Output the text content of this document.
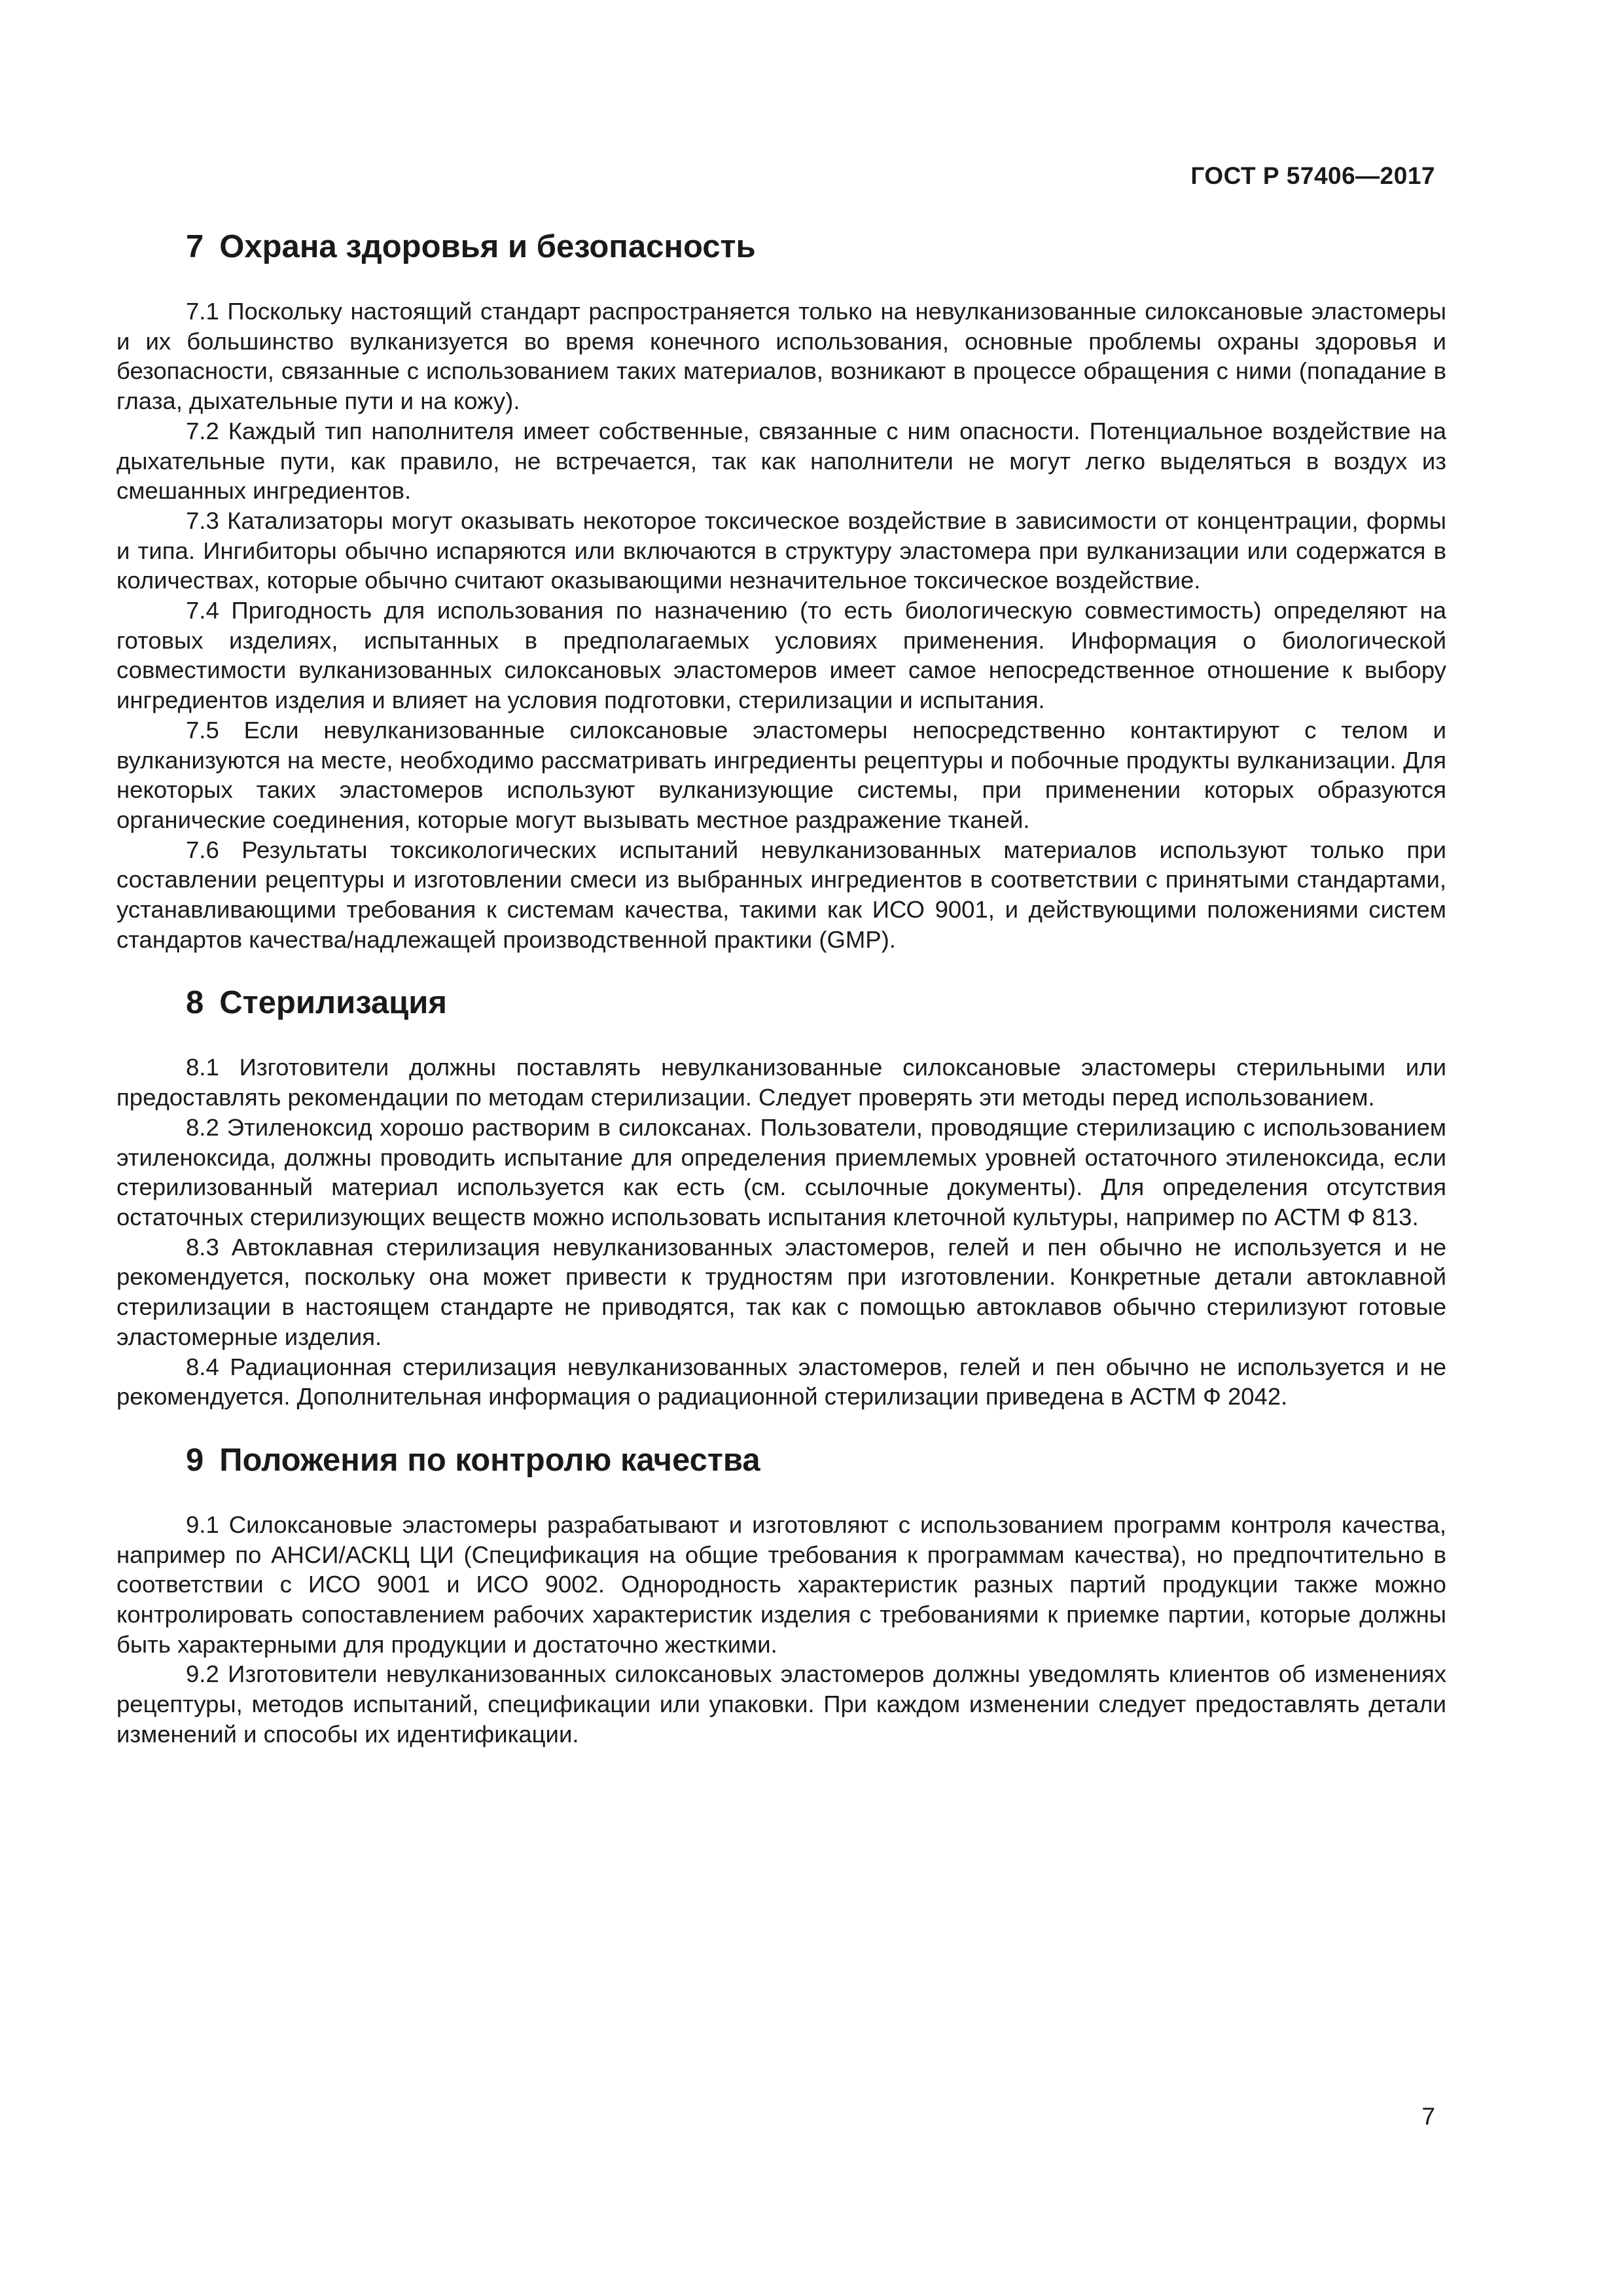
ГОСТ Р 57406—2017
7 Охрана здоровья и безопасность

7.1 Поскольку настоящий стандарт распространяется только на невулканизованные силоксановые эластомеры и их большинство вулканизуется во время конечного использования, основные проблемы охраны здоровья и безопасности, связанные с использованием таких материалов, возникают в процессе обращения с ними (попадание в глаза, дыхательные пути и на кожу).

7.2 Каждый тип наполнителя имеет собственные, связанные с ним опасности. Потенциальное воздействие на дыхательные пути, как правило, не встречается, так как наполнители не могут легко выделяться в воздух из смешанных ингредиентов.

7.3 Катализаторы могут оказывать некоторое токсическое воздействие в зависимости от концентрации, формы и типа. Ингибиторы обычно испаряются или включаются в структуру эластомера при вулканизации или содержатся в количествах, которые обычно считают оказывающими незначительное токсическое воздействие.

7.4 Пригодность для использования по назначению (то есть биологическую совместимость) определяют на готовых изделиях, испытанных в предполагаемых условиях применения. Информация о биологической совместимости вулканизованных силоксановых эластомеров имеет самое непосредственное отношение к выбору ингредиентов изделия и влияет на условия подготовки, стерилизации и испытания.

7.5 Если невулканизованные силоксановые эластомеры непосредственно контактируют с телом и вулканизуются на месте, необходимо рассматривать ингредиенты рецептуры и побочные продукты вулканизации. Для некоторых таких эластомеров используют вулканизующие системы, при применении которых образуются органические соединения, которые могут вызывать местное раздражение тканей.

7.6 Результаты токсикологических испытаний невулканизованных материалов используют только при составлении рецептуры и изготовлении смеси из выбранных ингредиентов в соответствии с принятыми стандартами, устанавливающими требования к системам качества, такими как ИСО 9001, и действующими положениями систем стандартов качества/надлежащей производственной практики (GMP).

8 Стерилизация

8.1 Изготовители должны поставлять невулканизованные силоксановые эластомеры стерильными или предоставлять рекомендации по методам стерилизации. Следует проверять эти методы перед использованием.

8.2 Этиленоксид хорошо растворим в силоксанах. Пользователи, проводящие стерилизацию с использованием этиленоксида, должны проводить испытание для определения приемлемых уровней остаточного этиленоксида, если стерилизованный материал используется как есть (см. ссылочные документы). Для определения отсутствия остаточных стерилизующих веществ можно использовать испытания клеточной культуры, например по АСТМ Ф 813.

8.3 Автоклавная стерилизация невулканизованных эластомеров, гелей и пен обычно не используется и не рекомендуется, поскольку она может привести к трудностям при изготовлении. Конкретные детали автоклавной стерилизации в настоящем стандарте не приводятся, так как с помощью автоклавов обычно стерилизуют готовые эластомерные изделия.

8.4 Радиационная стерилизация невулканизованных эластомеров, гелей и пен обычно не используется и не рекомендуется. Дополнительная информация о радиационной стерилизации приведена в АСТМ Ф 2042.

9 Положения по контролю качества

9.1 Силоксановые эластомеры разрабатывают и изготовляют с использованием программ контроля качества, например по АНСИ/АСКЦ ЦИ (Спецификация на общие требования к программам качества), но предпочтительно в соответствии с ИСО 9001 и ИСО 9002. Однородность характеристик разных партий продукции также можно контролировать сопоставлением рабочих характеристик изделия с требованиями к приемке партии, которые должны быть характерными для продукции и достаточно жесткими.

9.2 Изготовители невулканизованных силоксановых эластомеров должны уведомлять клиентов об изменениях рецептуры, методов испытаний, спецификации или упаковки. При каждом изменении следует предоставлять детали изменений и способы их идентификации.

7
